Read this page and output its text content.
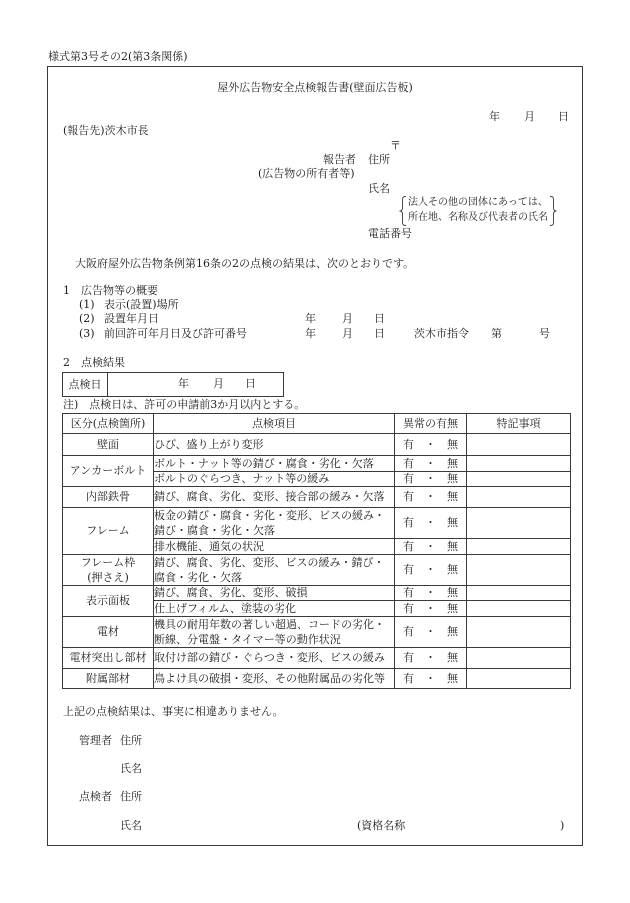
様式第3号その2(第3条関係)
屋外広告物安全点検報告書(壁面広告板)
年 月 日
(報告先)茨木市長
〒
報告者 住所
(広告物の所有者等)
氏名
法人その他の団体にあっては、
所在地、名称及び代表者の氏名
電話番号
大阪府屋外広告物条例第16条の2の点検の結果は、次のとおりです。
1　広告物等の概要
(1) 表示(設置)場所
(2) 設置年月日	年 月 日
(3) 前回許可年月日及び許可番号	年 月 日	茨木市指令 第	号
2　点検結果
点検日	年 月 日
注)　点検日は、許可の申請前3か月以内とする。
区分(点検箇所)	点検項目	異常の有無	特記事項
壁面	ひび、盛り上がり変形	有　・　無	
アンカーボルト	ボルト・ナット等の錆び・腐食・劣化・欠落	有　・　無	
	ボルトのぐらつき、ナット等の緩み	有　・　無	
内部鉄骨	錆び、腐食、劣化、変形、接合部の緩み・欠落	有　・　無	
フレーム	板金の錆び・腐食・劣化・変形、ビスの緩み・
錆び・腐食・劣化・欠落	有　・　無	
	排水機能、通気の状況	有　・　無	

フレーム枠
(押さえ)	錆び、腐食、劣化、変形、ビスの緩み・錆び・
腐食・劣化・欠落	有　・　無	
表示面板	錆び、腐食、劣化、変形、破損	有　・　無	
	仕上げフィルム、塗装の劣化	有　・　無	
電材	機具の耐用年数の著しい超過、コードの劣化・
断線、分電盤・タイマー等の動作状況	有　・　無	
電材突出し部材	取付け部の錆び・ぐらつき・変形、ビスの緩み	有　・　無	
附属部材	鳥よけ具の破損・変形、その他附属品の劣化等	有　・　無	
上記の点検結果は、事実に相違ありません。
管理者 住所
氏名
点検者 住所
氏名	(資格名称	)
